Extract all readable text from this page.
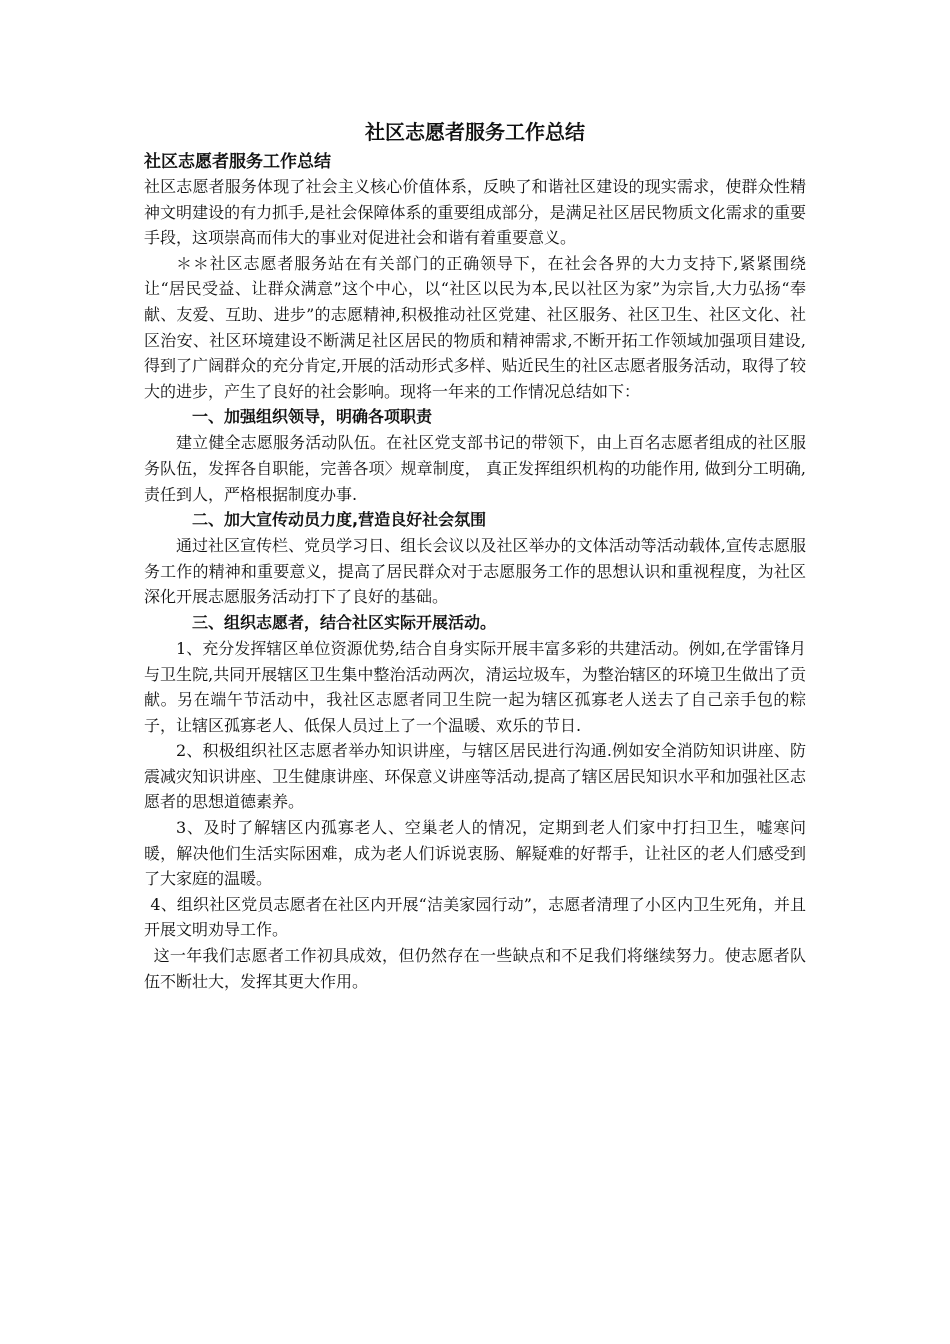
社区志愿者服务工作总结
社区志愿者服务工作总结

社区志愿者服务体现了社会主义核心价值体系，反映了和谐社区建设的现实需求，使群众性精神文明建设的有力抓手,是社会保障体系的重要组成部分，是满足社区居民物质文化需求的重要手段，这项崇高而伟大的事业对促进社会和谐有着重要意义。

＊＊社区志愿者服务站在有关部门的正确领导下，在社会各界的大力支持下,紧紧围绕让“居民受益、让群众满意”这个中心，以“社区以民为本,民以社区为家”为宗旨,大力弘扬“奉献、友爱、互助、进步”的志愿精神,积极推动社区党建、社区服务、社区卫生、社区文化、社区治安、社区环境建设不断满足社区居民的物质和精神需求,不断开拓工作领域加强项目建设,得到了广阔群众的充分肯定,开展的活动形式多样、贴近民生的社区志愿者服务活动，取得了较大的进步，产生了良好的社会影响。现将一年来的工作情况总结如下：

一、加强组织领导，明确各项职责

建立健全志愿服务活动队伍。在社区党支部书记的带领下，由上百名志愿者组成的社区服务队伍，发挥各自职能，完善各项〉规章制度， 真正发挥组织机构的功能作用, 做到分工明确, 责任到人，严格根据制度办事.

二、加大宣传动员力度,营造良好社会氛围

通过社区宣传栏、党员学习日、组长会议以及社区举办的文体活动等活动载体,宣传志愿服务工作的精神和重要意义，提高了居民群众对于志愿服务工作的思想认识和重视程度，为社区深化开展志愿服务活动打下了良好的基础。

三、组织志愿者，结合社区实际开展活动。

1、充分发挥辖区单位资源优势,结合自身实际开展丰富多彩的共建活动。例如,在学雷锋月与卫生院,共同开展辖区卫生集中整治活动两次，清运垃圾车，为整治辖区的环境卫生做出了贡献。另在端午节活动中，我社区志愿者同卫生院一起为辖区孤寡老人送去了自己亲手包的粽子，让辖区孤寡老人、低保人员过上了一个温暖、欢乐的节日.

2、积极组织社区志愿者举办知识讲座，与辖区居民进行沟通.例如安全消防知识讲座、防震减灾知识讲座、卫生健康讲座、环保意义讲座等活动,提高了辖区居民知识水平和加强社区志愿者的思想道德素养。

3、及时了解辖区内孤寡老人、空巢老人的情况，定期到老人们家中打扫卫生，嘘寒问暖，解决他们生活实际困难，成为老人们诉说衷肠、解疑难的好帮手，让社区的老人们感受到了大家庭的温暖。

4、组织社区党员志愿者在社区内开展“洁美家园行动”，志愿者清理了小区内卫生死角，并且开展文明劝导工作。

这一年我们志愿者工作初具成效，但仍然存在一些缺点和不足我们将继续努力。使志愿者队伍不断壮大，发挥其更大作用。
